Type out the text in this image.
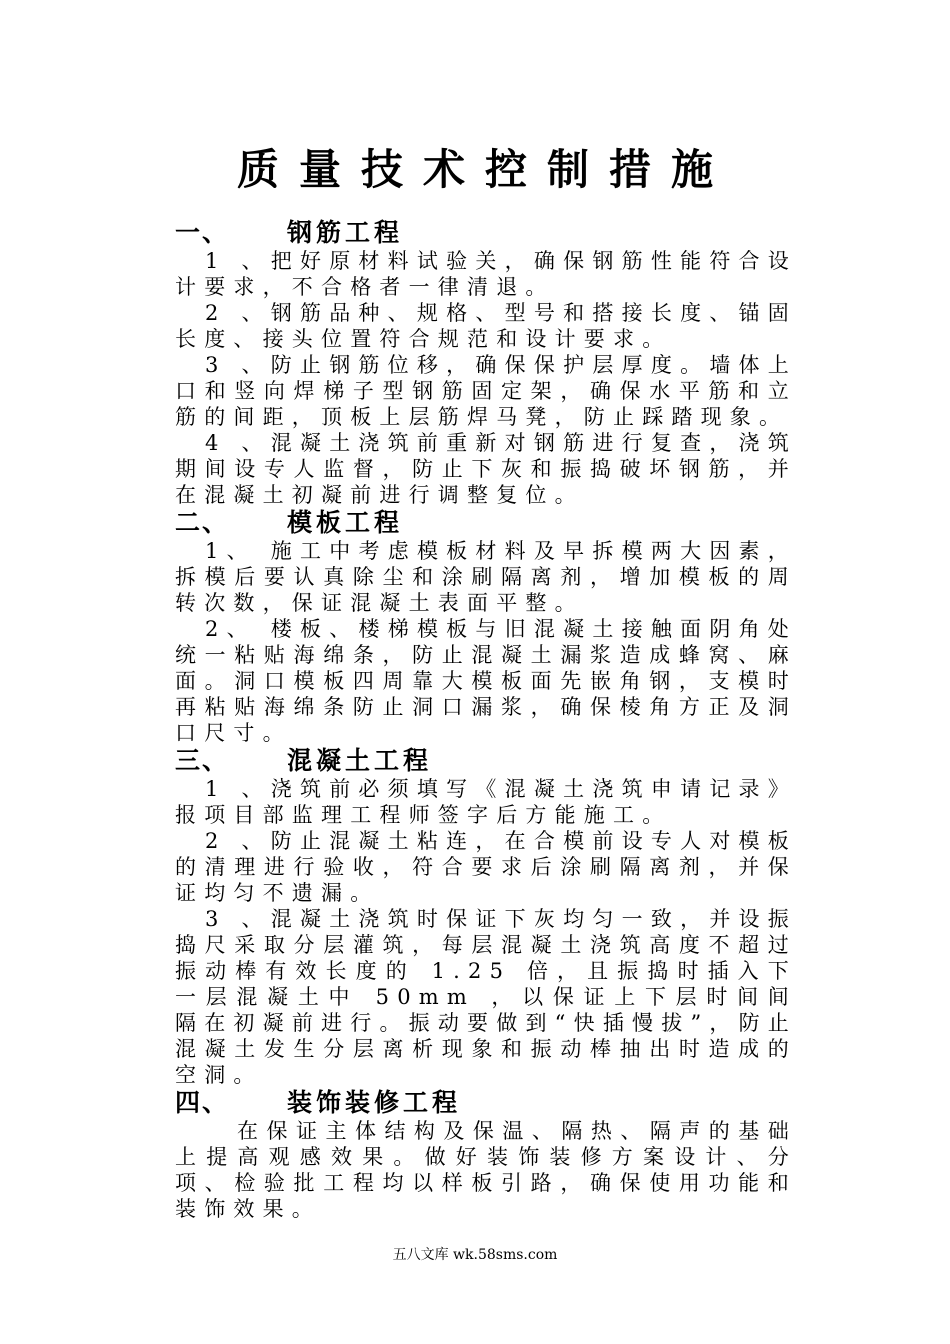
质量技术控制措施
一、	钢筋工程

1 、把好原材料试验关，确保钢筋性能符合设计要求，不合格者一律清退。

2 、钢筋品种、规格、型号和搭接长度、锚固长度、接头位置符合规范和设计要求。

3 、防止钢筋位移，确保保护层厚度。墙体上口和竖向焊梯子型钢筋固定架，确保水平筋和立筋的间距，顶板上层筋焊马凳，防止踩踏现象。

4 、混凝土浇筑前重新对钢筋进行复查，浇筑期间设专人监督，防止下灰和振捣破坏钢筋，并在混凝土初凝前进行调整复位。

二、	模板工程

1、 施工中考虑模板材料及早拆模两大因素，拆模后要认真除尘和涂刷隔离剂，增加模板的周转次数，保证混凝土表面平整。

2、 楼板、楼梯模板与旧混凝土接触面阴角处统一粘贴海绵条，防止混凝土漏浆造成蜂窝、麻面。洞口模板四周靠大模板面先嵌角钢，支模时再粘贴海绵条防止洞口漏浆，确保棱角方正及洞口尺寸。

三、	混凝土工程

1 、浇筑前必须填写《混凝土浇筑申请记录》报项目部监理工程师签字后方能施工。

2 、防止混凝土粘连，在合模前设专人对模板的清理进行验收，符合要求后涂刷隔离剂，并保证均匀不遗漏。

3 、混凝土浇筑时保证下灰均匀一致，并设振捣尺采取分层灌筑，每层混凝土浇筑高度不超过振动棒有效长度的 1.25 倍，且振捣时插入下一层混凝土中 50mm ，以保证上下层时间间隔在初凝前进行。振动要做到“快插慢拔”，防止混凝土发生分层离析现象和振动棒抽出时造成的空洞。

四、	装饰装修工程

在保证主体结构及保温、隔热、隔声的基础上提高观感效果。做好装饰装修方案设计、分项、检验批工程均以样板引路，确保使用功能和装饰效果。

五八文库 wk.58sms.com
